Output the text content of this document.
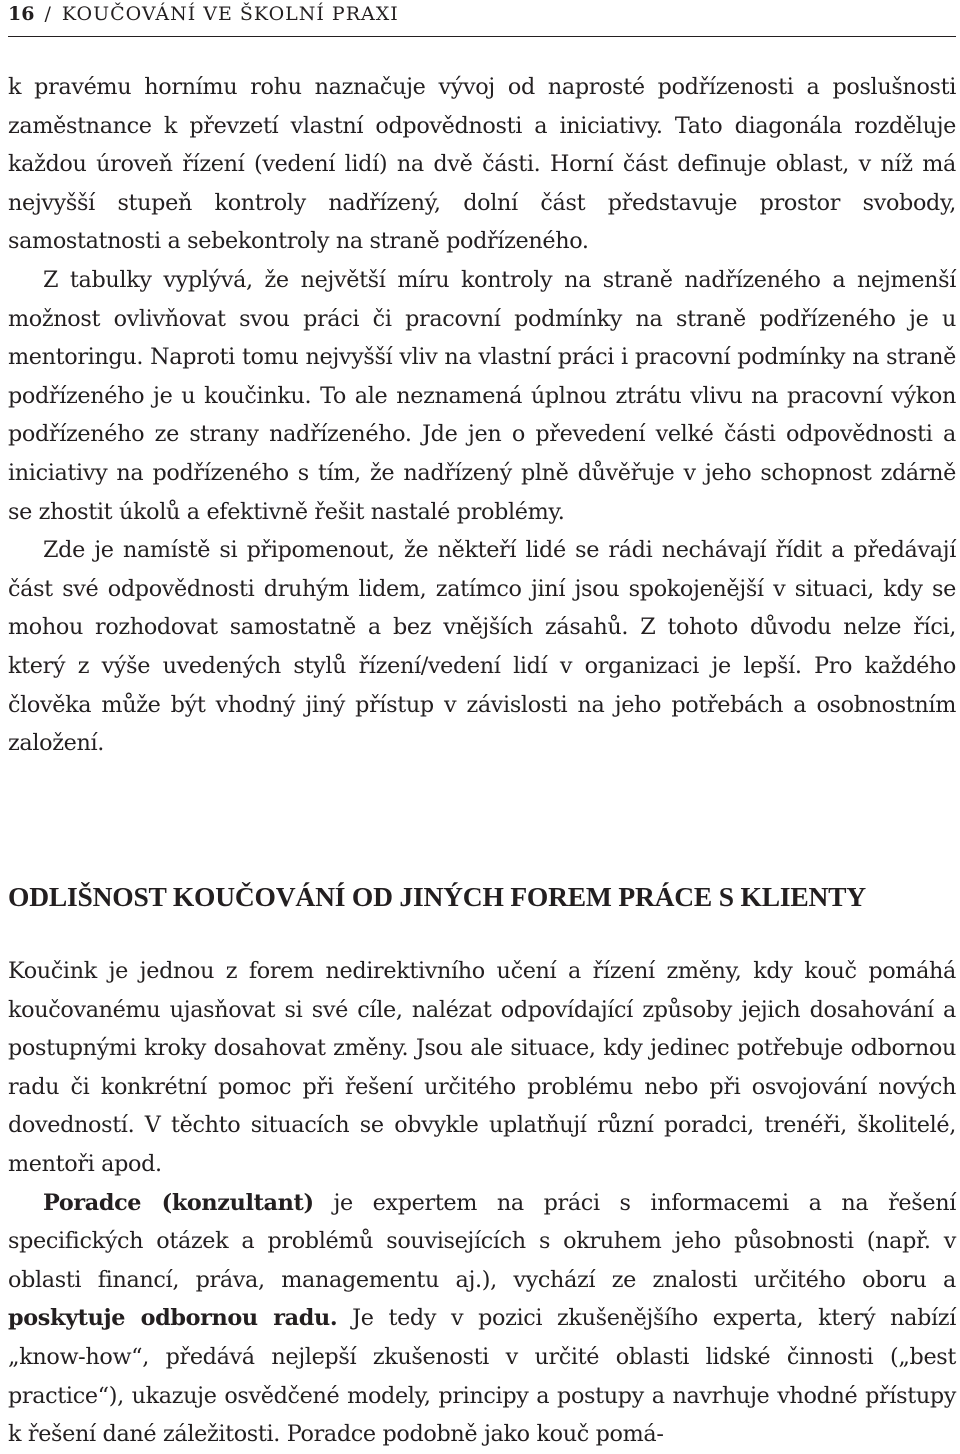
16 / KOUČOVÁNÍ VE ŠKOLNÍ PRAXI

k pravému hornímu rohu naznačuje vývoj od naprosté podřízenosti a poslušnosti zaměstnance k převzetí vlastní odpovědnosti a iniciativy. Tato diagonála rozděluje každou úroveň řízení (vedení lidí) na dvě části. Horní část definuje oblast, v níž má nejvyšší stupeň kontroly nadřízený, dolní část představuje prostor svobody, samostatnosti a sebekontroly na straně podřízeného.

Z tabulky vyplývá, že největší míru kontroly na straně nadřízeného a nejmenší možnost ovlivňovat svou práci či pracovní podmínky na straně podřízeného je u mentoringu. Naproti tomu nejvyšší vliv na vlastní práci i pracovní podmínky na straně podřízeného je u koučinku. To ale neznamená úplnou ztrátu vlivu na pracovní výkon podřízeného ze strany nadřízeného. Jde jen o převedení velké části odpovědnosti a iniciativy na podřízeného s tím, že nadřízený plně důvěřuje v jeho schopnost zdárně se zhostit úkolů a efektivně řešit nastalé problémy.

Zde je namístě si připomenout, že někteří lidé se rádi nechávají řídit a předávají část své odpovědnosti druhým lidem, zatímco jiní jsou spokojenější v situaci, kdy se mohou rozhodovat samostatně a bez vnějších zásahů. Z tohoto důvodu nelze říci, který z výše uvedených stylů řízení/vedení lidí v organizaci je lepší. Pro každého člověka může být vhodný jiný přístup v závislosti na jeho potřebách a osobnostním založení.

ODLIŠNOST KOUČOVÁNÍ OD JINÝCH FOREM PRÁCE S KLIENTY

Koučink je jednou z forem nedirektivního učení a řízení změny, kdy kouč pomáhá koučovanému ujasňovat si své cíle, nalézat odpovídající způsoby jejich dosahování a postupnými kroky dosahovat změny. Jsou ale situace, kdy jedinec potřebuje odbornou radu či konkrétní pomoc při řešení určitého problému nebo při osvojování nových dovedností. V těchto situacích se obvykle uplatňují různí poradci, trenéři, školitelé, mentoři apod.

Poradce (konzultant) je expertem na práci s informacemi a na řešení specifických otázek a problémů souvisejících s okruhem jeho působnosti (např. v oblasti financí, práva, managementu aj.), vychází ze znalosti určitého oboru a poskytuje odbornou radu. Je tedy v pozici zkušenějšího experta, který nabízí „know-how“, předává nejlepší zkušenosti v určité oblasti lidské činnosti („best practice“), ukazuje osvědčené modely, principy a postupy a navrhuje vhodné přístupy k řešení dané záležitosti. Poradce podobně jako kouč pomá-
